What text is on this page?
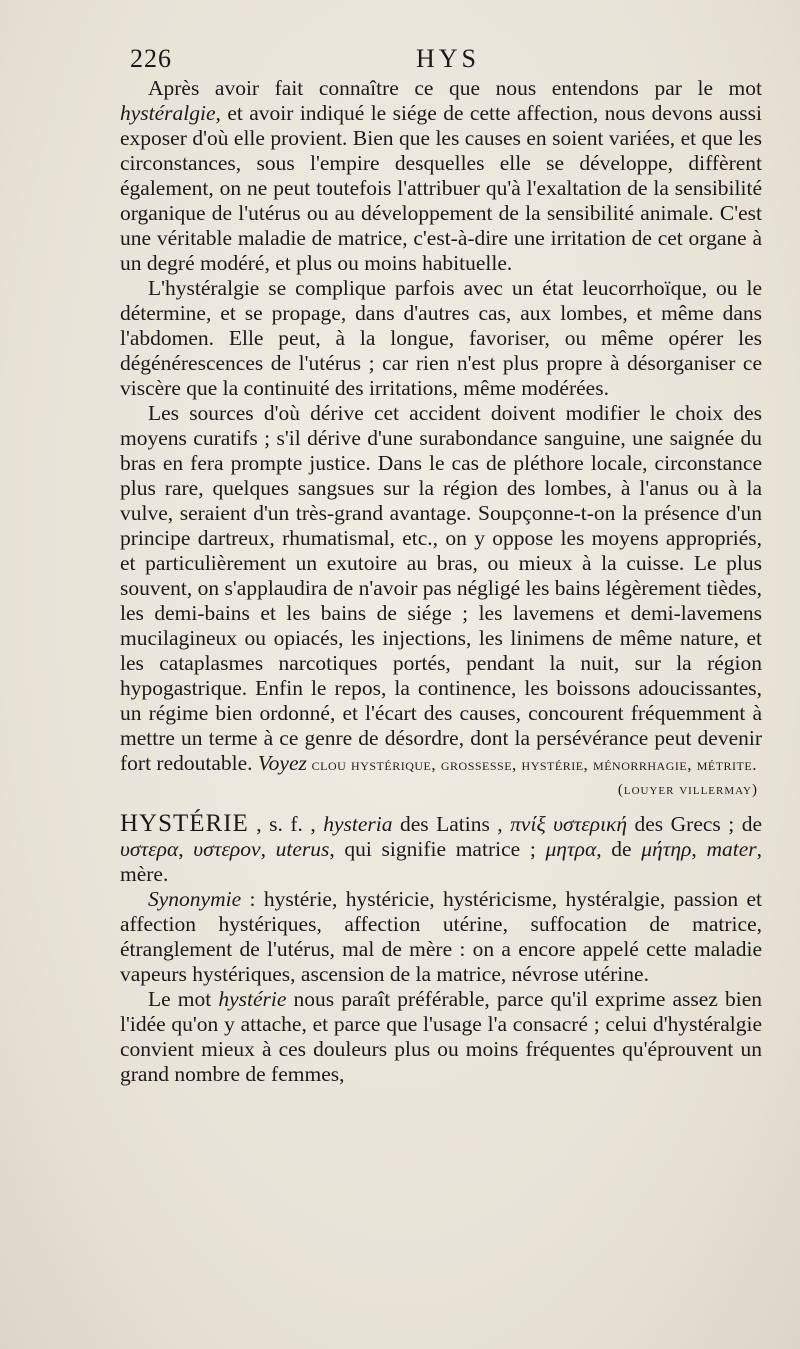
226	HYS

Après avoir fait connaître ce que nous entendons par le mot hystéralgie, et avoir indiqué le siége de cette affection, nous devons aussi exposer d'où elle provient. Bien que les causes en soient variées, et que les circonstances, sous l'empire desquelles elle se développe, diffèrent également, on ne peut toutefois l'attribuer qu'à l'exaltation de la sensibilité organique de l'utérus ou au développement de la sensibilité animale. C'est une véritable maladie de matrice, c'est-à-dire une irritation de cet organe à un degré modéré, et plus ou moins habituelle.

L'hystéralgie se complique parfois avec un état leucorrhoïque, ou le détermine, et se propage, dans d'autres cas, aux lombes, et même dans l'abdomen. Elle peut, à la longue, favoriser, ou même opérer les dégénérescences de l'utérus ; car rien n'est plus propre à désorganiser ce viscère que la continuité des irritations, même modérées.

Les sources d'où dérive cet accident doivent modifier le choix des moyens curatifs ; s'il dérive d'une surabondance sanguine, une saignée du bras en fera prompte justice. Dans le cas de pléthore locale, circonstance plus rare, quelques sangsues sur la région des lombes, à l'anus ou à la vulve, seraient d'un très-grand avantage. Soupçonne-t-on la présence d'un principe dartreux, rhumatismal, etc., on y oppose les moyens appropriés, et particulièrement un exutoire au bras, ou mieux à la cuisse. Le plus souvent, on s'applaudira de n'avoir pas négligé les bains légèrement tièdes, les demi-bains et les bains de siége ; les lavemens et demi-lavemens mucilagineux ou opiacés, les injections, les linimens de même nature, et les cataplasmes narcotiques portés, pendant la nuit, sur la région hypogastrique. Enfin le repos, la continence, les boissons adoucissantes, un régime bien ordonné, et l'écart des causes, concourent fréquemment à mettre un terme à ce genre de désordre, dont la persévérance peut devenir fort redoutable. Voyez clou hystérique, grossesse, hystérie, ménorrhagie, métrite.

(louyer villermay)

HYSTÉRIE , s. f. , hysteria des Latins , πνίξ υστερική des Grecs ; de υστερα, υστερον, uterus, qui signifie matrice ; μητρα, de μήτηρ, mater, mère.

Synonymie : hystérie, hystéricie, hystéricisme, hystéralgie, passion et affection hystériques, affection utérine, suffocation de matrice, étranglement de l'utérus, mal de mère : on a encore appelé cette maladie vapeurs hystériques, ascension de la matrice, névrose utérine.

Le mot hystérie nous paraît préférable, parce qu'il exprime assez bien l'idée qu'on y attache, et parce que l'usage l'a consacré ; celui d'hystéralgie convient mieux à ces douleurs plus ou moins fréquentes qu'éprouvent un grand nombre de femmes,
